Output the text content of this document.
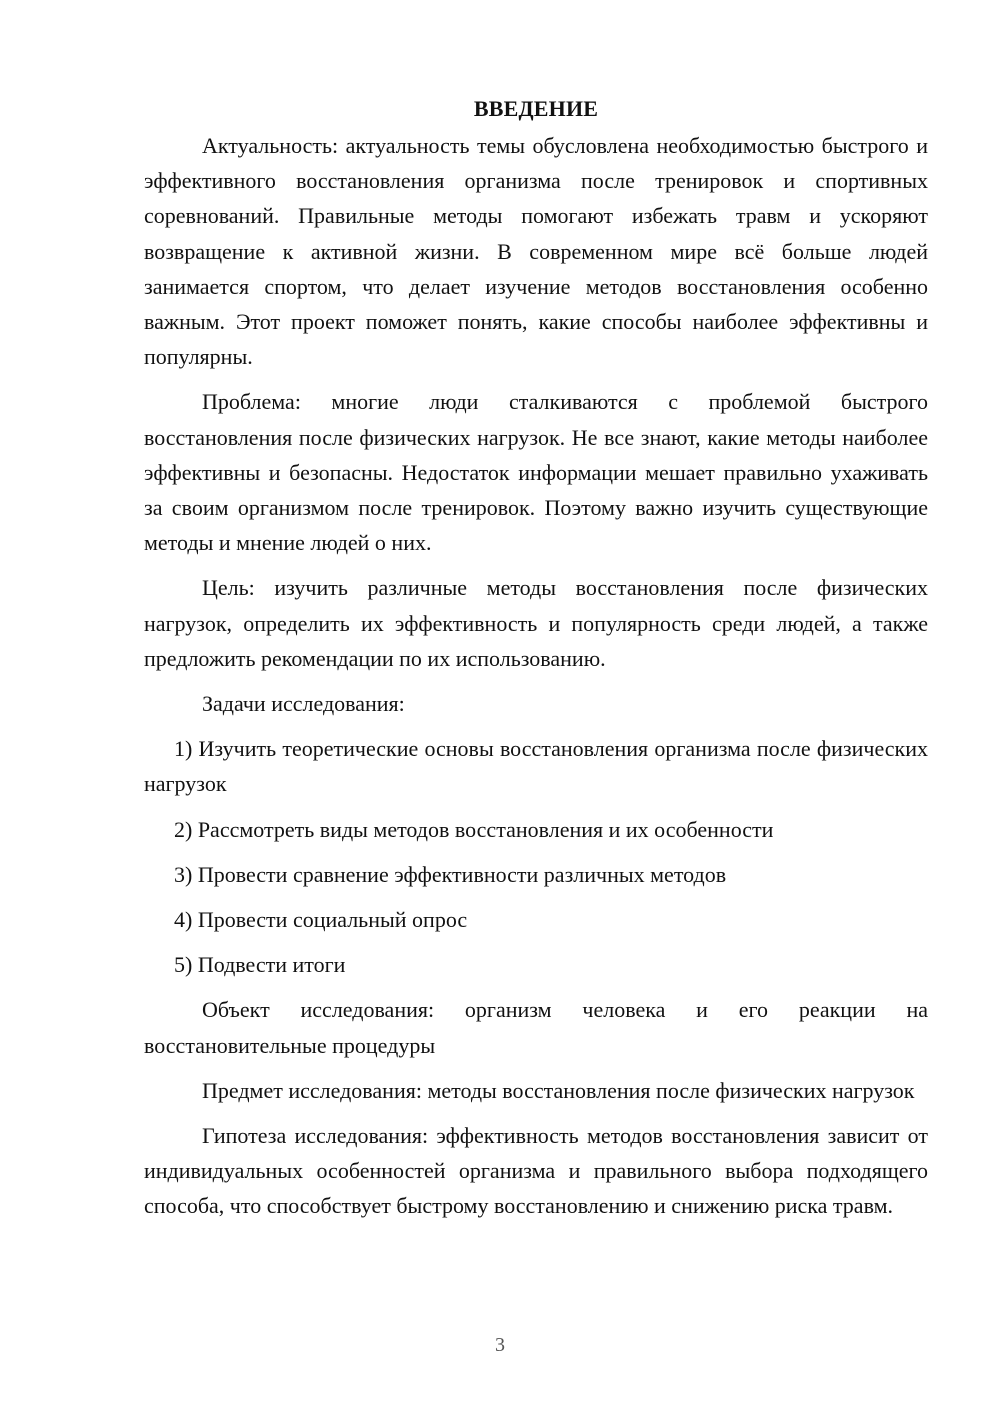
ВВЕДЕНИЕ

Актуальность: актуальность темы обусловлена необходимостью быстрого и эффективного восстановления организма после тренировок и спортивных соревнований. Правильные методы помогают избежать травм и ускоряют возвращение к активной жизни. В современном мире всё больше людей занимается спортом, что делает изучение методов восстановления особенно важным. Этот проект поможет понять, какие способы наиболее эффективны и популярны.

Проблема: многие люди сталкиваются с проблемой быстрого восстановления после физических нагрузок. Не все знают, какие методы наиболее эффективны и безопасны. Недостаток информации мешает правильно ухаживать за своим организмом после тренировок. Поэтому важно изучить существующие методы и мнение людей о них.

Цель: изучить различные методы восстановления после физических нагрузок, определить их эффективность и популярность среди людей, а также предложить рекомендации по их использованию.

Задачи исследования:

1) Изучить теоретические основы восстановления организма после физических нагрузок

2) Рассмотреть виды методов восстановления и их особенности

3) Провести сравнение эффективности различных методов

4) Провести социальный опрос

5) Подвести итоги

Объект исследования: организм человека и его реакции на восстановительные процедуры

Предмет исследования: методы восстановления после физических нагрузок

Гипотеза исследования: эффективность методов восстановления зависит от индивидуальных особенностей организма и правильного выбора подходящего способа, что способствует быстрому восстановлению и снижению риска травм.

3
